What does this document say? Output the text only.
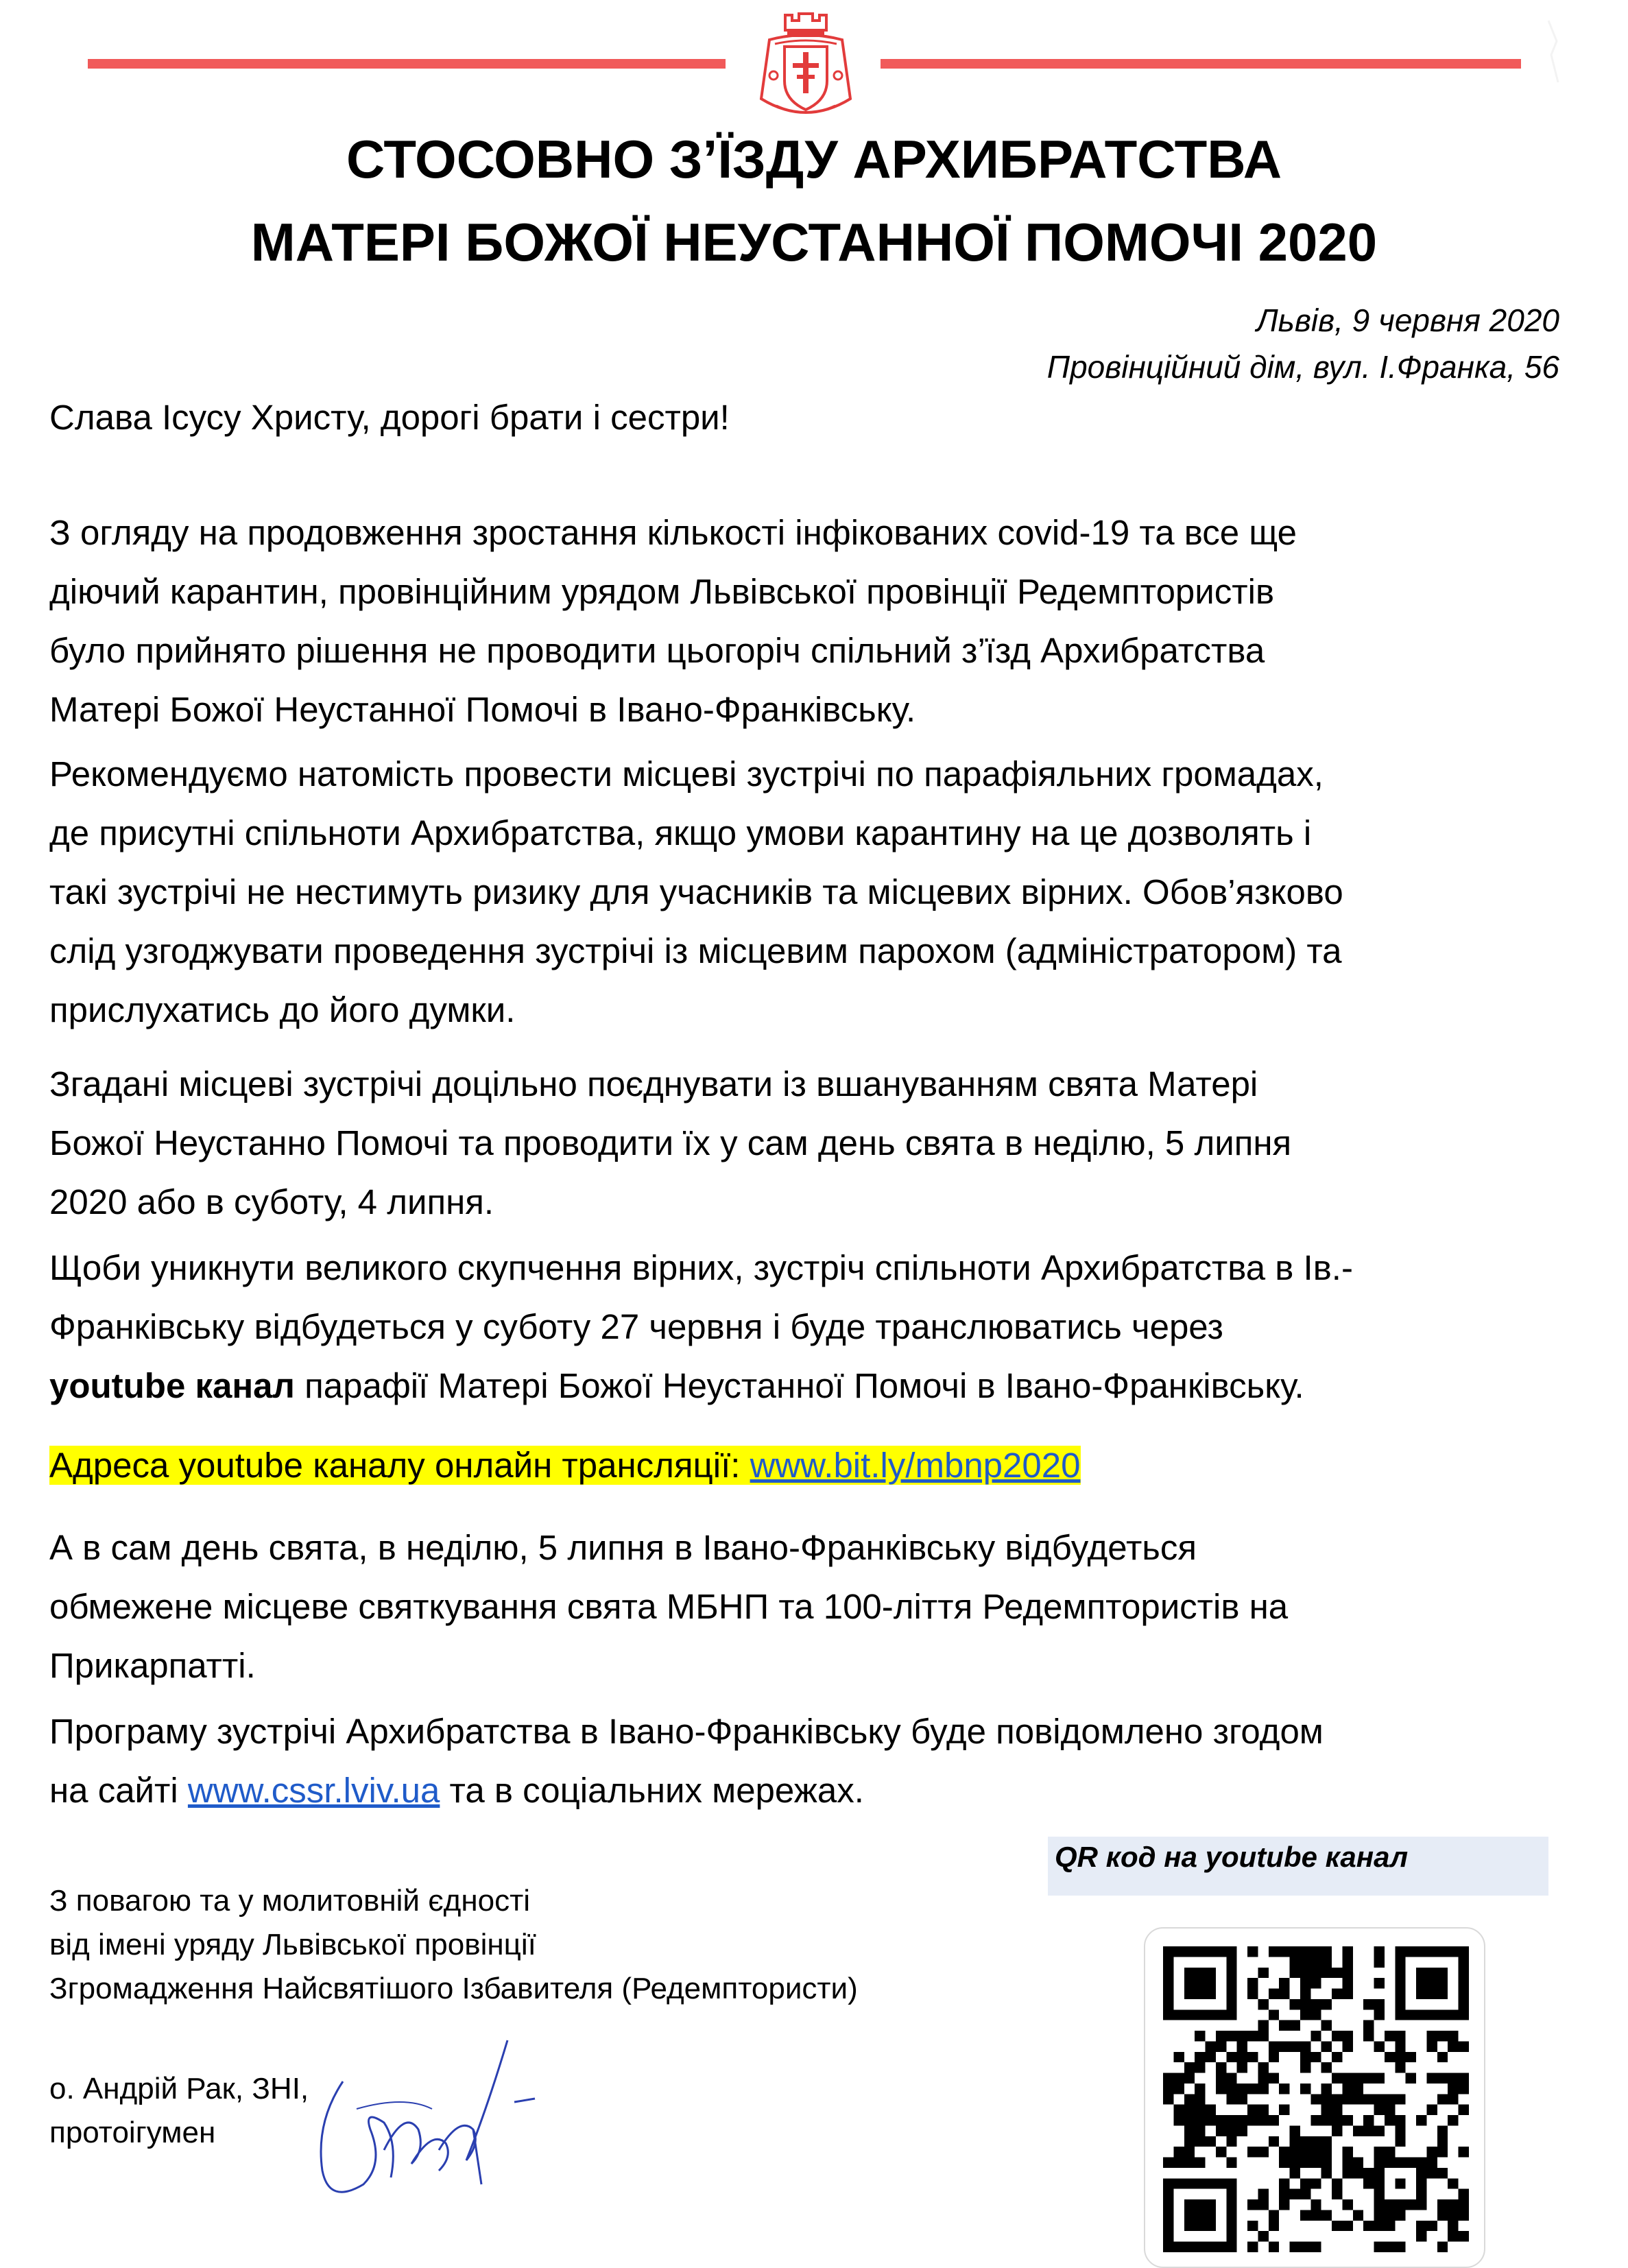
СТОСОВНО З’ЇЗДУ АРХИБРАТСТВА
МАТЕРІ БОЖОЇ НЕУСТАННОЇ ПОМОЧІ 2020
Львів, 9 червня 2020
Провінційний дім, вул. І.Франка, 56

Слава Ісусу Христу, дорогі брати і сестри!

З огляду на продовження зростання кількості інфікованих covid-19 та все ще
діючий карантин, провінційним урядом Львівської провінції Редемптористів
було прийнято рішення не проводити цьогоріч спільний з’їзд Архибратства
Матері Божої Неустанної Помочі в Івано-Франківську.

Рекомендуємо натомість провести місцеві зустрічі по парафіяльних громадах,
де присутні спільноти Архибратства, якщо умови карантину на це дозволять і
такі зустрічі не нестимуть ризику для учасників та місцевих вірних. Обов’язково
слід узгоджувати проведення зустрічі із місцевим парохом (адміністратором) та
прислухатись до його думки.

Згадані місцеві зустрічі доцільно поєднувати із вшануванням свята Матері
Божої Неустанно Помочі та проводити їх у сам день свята в неділю, 5 липня
2020 або в суботу, 4 липня.

Щоби уникнути великого скупчення вірних, зустріч спільноти Архибратства в Ів.-
Франківську відбудеться у суботу 27 червня і буде транслюватись через
youtube канал парафії Матері Божої Неустанної Помочі в Івано-Франківську.

Адреса youtube каналу онлайн трансляції: www.bit.ly/mbnp2020

А в сам день свята, в неділю, 5 липня в Івано-Франківську відбудеться
обмежене місцеве святкування свята МБНП та 100-ліття Редемптористів на
Прикарпатті.

Програму зустрічі Архибратства в Івано-Франківську буде повідомлено згодом
на сайті www.cssr.lviv.ua та в соціальних мережах.

QR код на youtube канал

З повагою та у молитовній єдності
від імені уряду Львівської провінції
Згромадження Найсвятішого Ізбавителя (Редемптористи)

о. Андрій Рак, ЗНІ,
протоігумен
